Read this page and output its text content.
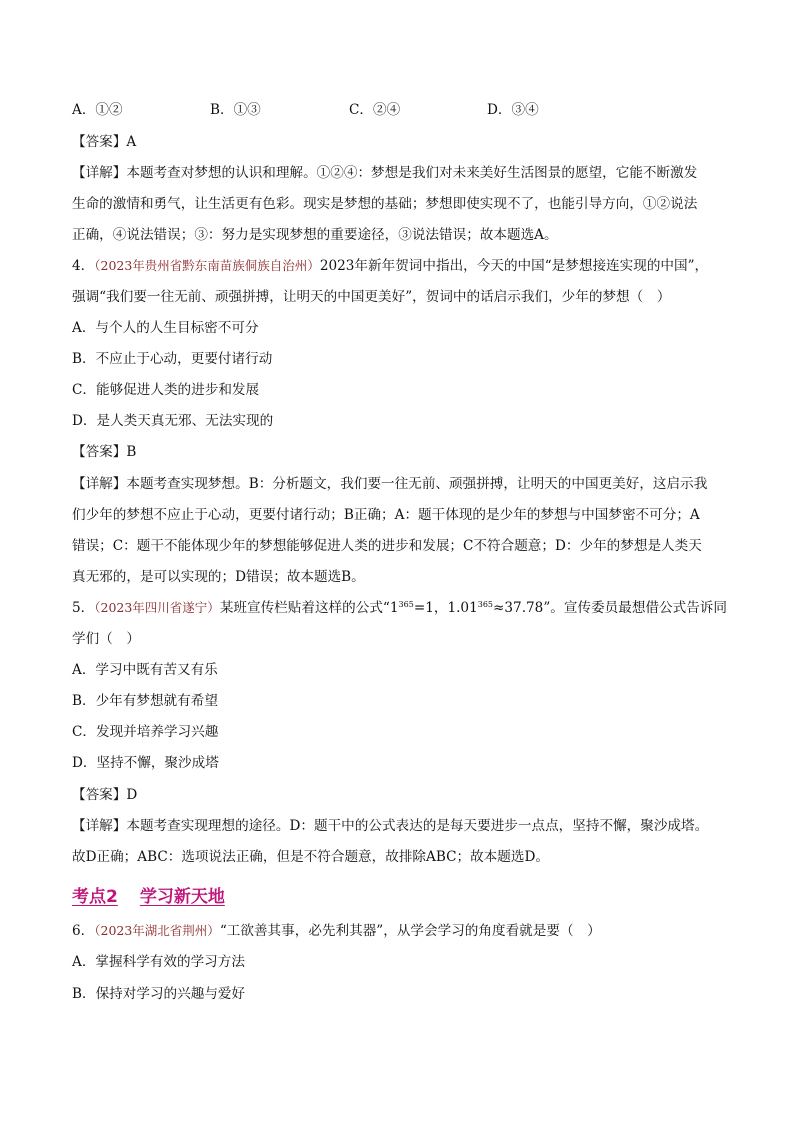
A．①②	B．①③	C．②④	D．③④
【答案】A
【详解】本题考查对梦想的认识和理解。①②④：梦想是我们对未来美好生活图景的愿望，它能不断激发
生命的激情和勇气，让生活更有色彩。现实是梦想的基础；梦想即使实现不了，也能引导方向，①②说法
正确，④说法错误；③：努力是实现梦想的重要途径，③说法错误；故本题选A。
4．（2023年贵州省黔东南苗族侗族自治州）2023年新年贺词中指出，今天的中国“是梦想接连实现的中国”，
强调“我们要一往无前、顽强拼搏，让明天的中国更美好”，贺词中的话启示我们，少年的梦想（　）
A．与个人的人生目标密不可分
B．不应止于心动，更要付诸行动
C．能够促进人类的进步和发展
D．是人类天真无邪、无法实现的
【答案】B
【详解】本题考查实现梦想。B：分析题文，我们要一往无前、顽强拼搏，让明天的中国更美好，这启示我
们少年的梦想不应止于心动，更要付诸行动；B正确；A：题干体现的是少年的梦想与中国梦密不可分；A
错误；C：题干不能体现少年的梦想能够促进人类的进步和发展；C不符合题意；D：少年的梦想是人类天
真无邪的，是可以实现的；D错误；故本题选B。
5．（2023年四川省遂宁）某班宣传栏贴着这样的公式“$1^{365}=1$，$1.01^{365}\approx 37.78$”。宣传委员最想借公式告诉同
学们（　）
A．学习中既有苦又有乐
B．少年有梦想就有希望
C．发现并培养学习兴趣
D．坚持不懈，聚沙成塔
【答案】D
【详解】本题考查实现理想的途径。D：题干中的公式表达的是每天要进步一点点，坚持不懈，聚沙成塔。
故D正确；ABC：选项说法正确，但是不符合题意，故排除ABC；故本题选D。
考点2 学习新天地
6．（2023年湖北省荆州）“工欲善其事，必先利其器”，从学会学习的角度看就是要（　）
A．掌握科学有效的学习方法
B．保持对学习的兴趣与爱好
